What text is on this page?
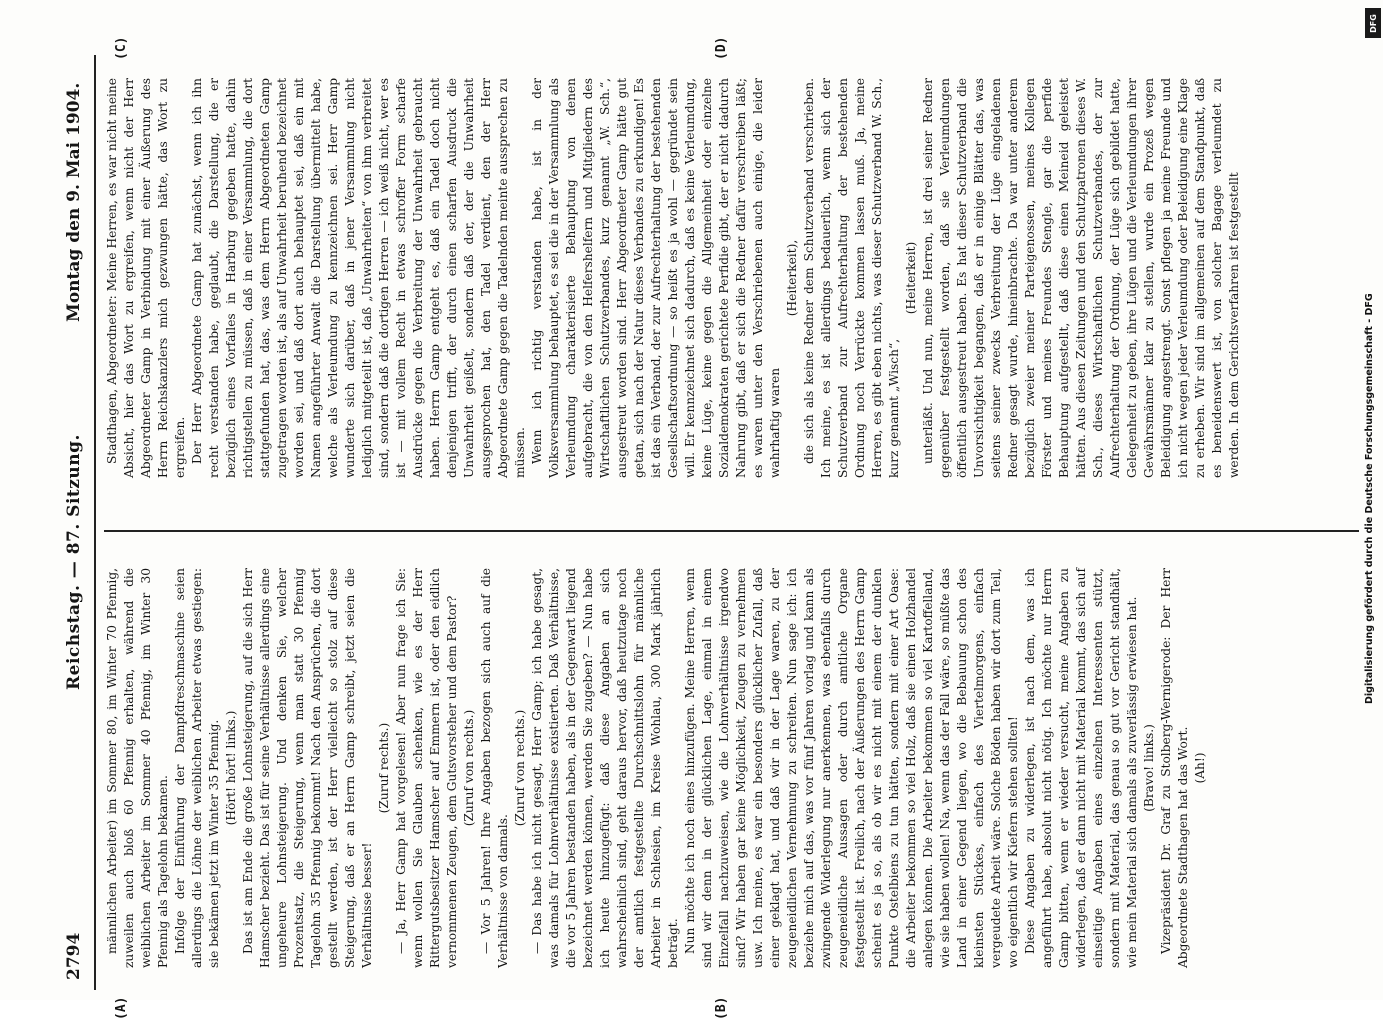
2794
Reichstag. — 87. Sitzung.
Montag den 9. Mai 1904.

männlichen Arbeiter) im Sommer 80, im Winter 70 Pfennig, zuweilen auch bloß 60 Pfennig erhalten, während die weiblichen Arbeiter im Sommer 40 Pfennig, im Winter 30 Pfennig als Tagelohn bekamen. Infolge der Einführung der Dampfdreschmaschine seien allerdings die Löhne der weiblichen Arbeiter etwas gestiegen: sie bekämen jetzt im Winter 35 Pfennig. (Hört! hört! links.) Das ist am Ende die große Lohnsteigerung, auf die sich Herr Hamscher bezieht. Das ist für seine Verhältnisse allerdings eine ungeheure Lohnsteigerung. Und denken Sie, welcher Prozentsatz, die Steigerung, wenn man statt 30 Pfennig Tagelohn 35 Pfennig bekommt! Nach den Ansprüchen, die dort gestellt werden, ist der Herr vielleicht so stolz auf diese Steigerung, daß er an Herrn Gamp schreibt, jetzt seien die Verhältnisse besser!

(Zuruf rechts.) — Ja, Herr Gamp hat vorgelesen! Aber nun frage ich Sie: wenn wollen Sie Glauben schenken, wie es der Herr Rittergutsbesitzer Hamscher auf Emmern ist, oder den eidlich vernommenen Zeugen, dem Gutsvorsteher und dem Pastor? (Zuruf von rechts.) — Vor 5 Jahren! Ihre Angaben bezogen sich auch auf die Verhältnisse von damals.

(Zuruf von rechts.) — Das habe ich nicht gesagt, Herr Gamp; ich habe gesagt, was damals für Lohnverhältnisse existierten. Daß Verhältnisse, die vor 5 Jahren bestanden haben, als in der Gegenwart liegend bezeichnet werden können, werden Sie zugeben? — Nun habe ich heute hinzugefügt: daß diese Angaben an sich wahrscheinlich sind, geht daraus hervor, daß heutzutage noch der amtlich festgestellte Durchschnittslohn für männliche Arbeiter in Schlesien, im Kreise Wohlau, 300 Mark jährlich beträgt. Nun möchte ich noch eines hinzufügen. Meine Herren, wenn sind wir denn in der glücklichen Lage, einmal in einem Einzelfall nachzuweisen, wie die Lohnverhältnisse irgendwo sind? Wir haben gar keine Möglichkeit, Zeugen zu vernehmen usw. Ich meine, es war ein besonders glücklicher Zufall, daß einer geklagt hat, und daß wir in der Lage waren, zu der zeugeneidlichen Vernehmung zu schreiten. Nun sage ich: ich beziehe mich auf das, was vor fünf Jahren vorlag und kann als zwingende Widerlegung nur anerkennen, was ebenfalls durch zeugeneidliche Aussagen oder durch amtliche Organe festgestellt ist. Freilich, nach der Äußerungen des Herrn Gamp scheint es ja so, als ob wir es nicht mit einem der dunklen Punkte Ostelbiens zu tun hätten, sondern mit einer Art Oase: die Arbeiter bekommen so viel Holz, daß sie einen Holzhandel anlegen können. Die Arbeiter bekommen so viel Kartoffelland, wie sie haben wollen! Na, wenn das der Fall wäre, so müßte das Land in einer Gegend liegen, wo die Bebauung schon des kleinsten Stückes, einfach des Viertelmorgens, einfach vergeudete Arbeit wäre. Solche Böden haben wir dort zum Teil, wo eigentlich wir Kiefern stehen sollten! Diese Angaben zu widerlegen, ist nach dem, was ich angeführt habe, absolut nicht nötig. Ich möchte nur Herrn Gamp bitten, wenn er wieder versucht, meine Angaben zu widerlegen, daß er dann nicht mit Material kommt, das sich auf einseitige Angaben eines einzelnen Interessenten stützt, sondern mit Material, das genau so gut vor Gericht standhält, wie mein Material sich damals als zuverlässig erwiesen hat. (Bravo! links.) Vizepräsident Dr. Graf zu Stolberg-Wernigerode: Der Herr Abgeordnete Stadthagen hat das Wort. (Ah!)

Stadthagen, Abgeordneter: Meine Herren, es war nicht meine Absicht, hier das Wort zu ergreifen, wenn nicht der Herr Abgeordneter Gamp in Verbindung mit einer Äußerung des Herrn Reichskanzlers mich gezwungen hätte, das Wort zu ergreifen. Der Herr Abgeordnete Gamp hat zunächst, wenn ich ihn recht verstanden habe, geglaubt, die Darstellung, die er bezüglich eines Vorfalles in Harburg gegeben hatte, dahin richtigstellen zu müssen, daß in einer Versammlung, die dort stattgefunden hat, das, was dem Herrn Abgeordneten Gamp zugetragen worden ist, als auf Unwahrheit beruhend bezeichnet worden sei, und daß dort auch behauptet sei, daß ein mit Namen angeführter Anwalt die Darstellung übermittelt habe, welche als Verleumdung zu kennzeichnen sei. Herr Gamp wunderte sich darüber, daß in jener Versammlung nicht lediglich mitgeteilt ist, daß „Unwahrheiten“ von ihm verbreitet sind, sondern daß die dortigen Herren — ich weiß nicht, wer es ist — mit vollem Recht in etwas schroffer Form scharfe Ausdrücke gegen die Verbreitung der Unwahrheit gebraucht haben. Herrn Gamp entgeht es, daß ein Tadel doch nicht denjenigen trifft, der durch einen scharfen Ausdruck die Unwahrheit geißelt, sondern daß der, der die Unwahrheit ausgesprochen hat, den Tadel verdient, den der Herr Abgeordnete Gamp gegen die Tadelnden meinte aussprechen zu müssen. Wenn ich richtig verstanden habe, ist in der Volksversammlung behauptet, es sei die in der Versammlung als Verleumdung charakterisierte Behauptung von denen aufgebracht, die von den Helfershelfern und Mitgliedern des Wirtschaftlichen Schutzverbandes, kurz genannt „W. Sch.“, ausgestreut worden sind. Herr Abgeordneter Gamp hätte gut getan, sich nach der Natur dieses Verbandes zu erkundigen! Es ist das ein Verband, der zur Aufrechterhaltung der bestehenden Gesellschaftsordnung — so heißt es ja wohl — gegründet sein will. Er kennzeichnet sich dadurch, daß es keine Verleumdung, keine Lüge, keine gegen die Allgemeinheit oder einzelne Sozialdemokraten gerichtete Perfidie gibt, der er nicht dadurch Nahrung gibt, daß er sich die Redner dafür verschreiben läßt; es waren unter den Verschriebenen auch einige, die leider wahrhaftig waren

(Heiterkeit), die sich als keine Redner dem Schutzverband verschrieben. Ich meine, es ist allerdings bedauerlich, wenn sich der Schutzverband zur Aufrechterhaltung der bestehenden Ordnung noch Verrückte kommen lassen muß. Ja, meine Herren, es gibt eben nichts, was dieser Schutzverband W. Sch., kurz genannt „Wisch“,

(Heiterkeit) unterläßt. Und nun, meine Herren, ist drei seiner Redner gegenüber festgestellt worden, daß sie Verleumdungen öffentlich ausgestreut haben. Es hat dieser Schutzverband die Unvorsichtigkeit begangen, daß er in einige Blätter das, was seitens seiner zwecks Verbreitung der Lüge eingeladenen Redner gesagt wurde, hineinbrachte. Da war unter anderem bezüglich zweier meiner Parteigenossen, meines Kollegen Förster und meines Freundes Stengle, gar die perfide Behauptung aufgestellt, daß diese einen Meineid geleistet hätten. Aus diesen Zeitungen und den Schutzpatronen dieses W. Sch., dieses Wirtschaftlichen Schutzverbandes, der zur Aufrechterhaltung der Ordnung, der Lüge sich gebildet hatte, Gelegenheit zu geben, ihre Lügen und die Verleumdungen ihrer Gewährsmänner klar zu stellen, wurde ein Prozeß wegen Beleidigung angestrengt. Sonst pflegen ja meine Freunde und ich nicht wegen jeder Verleumdung oder Beleidigung eine Klage zu erheben. Wir sind im allgemeinen auf dem Standpunkt, daß es beneidenswert ist, von solcher Bagage verleumdet zu werden. In dem Gerichtsverfahren ist festgestellt

(A)	(B)
(C)	(D)
DFG
Digitalisierung gefördert durch die Deutsche Forschungsgemeinschaft - DFG
